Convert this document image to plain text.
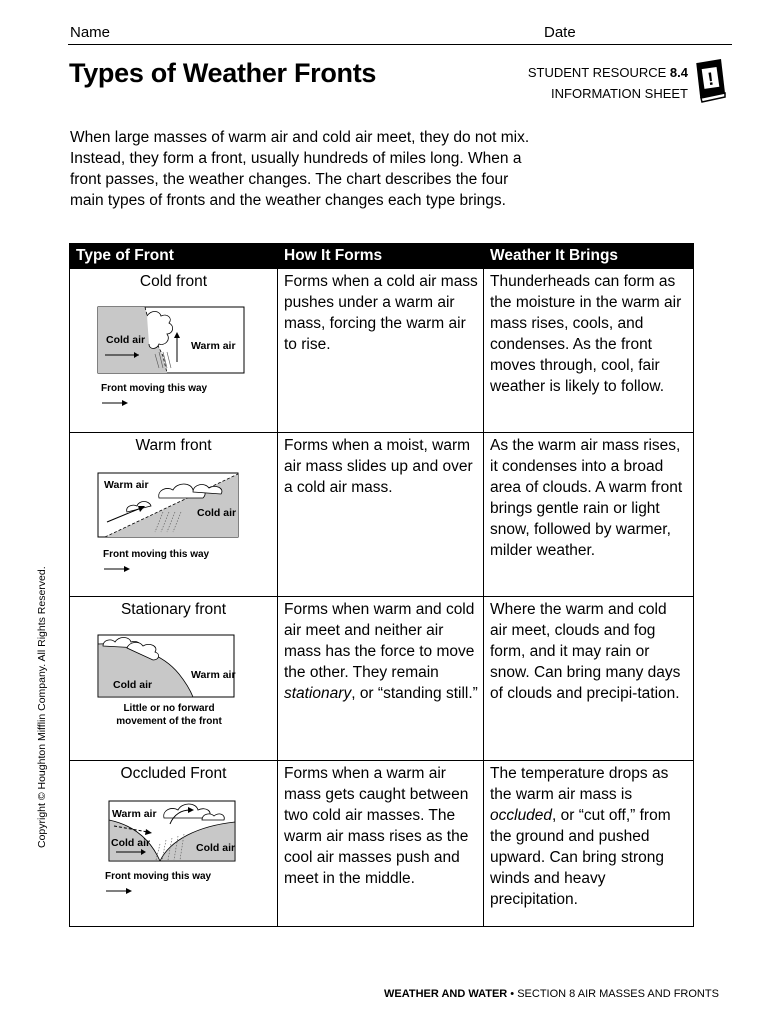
Name	Date
Types of Weather Fronts	STUDENT RESOURCE 8.4
INFORMATION SHEET
!
When large masses of warm air and cold air meet, they do not mix. Instead, they form a front, usually hundreds of miles long. When a front passes, the weather changes. The chart describes the four main types of fronts and the weather changes each type brings.
Copyright © Houghton Mifflin Company. All Rights Reserved.
Type of Front	How It Forms	Weather It Brings

Cold front
Cold air Warm air
Front moving this way	Forms when a cold air mass pushes under a warm air mass, forcing the warm air to rise.	Thunderheads can form as the moisture in the warm air mass rises, cools, and condenses. As the front moves through, cool, fair weather is likely to follow.

Warm front
Warm air
Cold air
Front moving this way	Forms when a moist, warm air mass slides up and over a cold air mass.	As the warm air mass rises, it condenses into a broad area of clouds. A warm front brings gentle rain or light snow, followed by warmer, milder weather.

Stationary front
Warm air
Cold air
Little or no forward
movement of the front	Forms when warm and cold air meet and neither air mass has the force to move the other. They remain stationary, or “standing still.”	Where the warm and cold air meet, clouds and fog form, and it may rain or snow. Can bring many days of clouds and precipi-tation.

Occluded Front
Warm air
Cold air Cold air
Front moving this way	Forms when a warm air mass gets caught between two cold air masses. The warm air mass rises as the cool air masses push and meet in the middle.	The temperature drops as the warm air mass is occluded, or “cut off,” from the ground and pushed upward. Can bring strong winds and heavy precipitation.
WEATHER AND WATER • SECTION 8 AIR MASSES AND FRONTS
